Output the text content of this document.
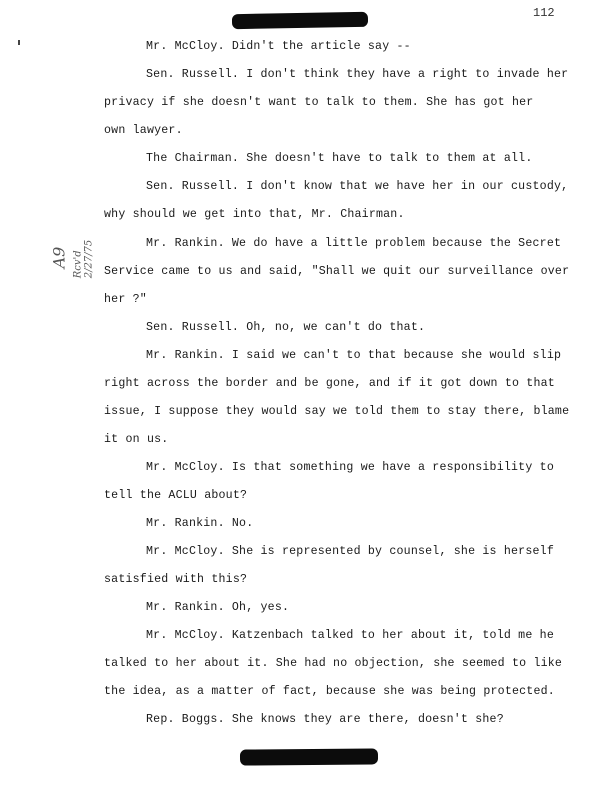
112
A9 Rcv'd 2/27/75
Mr. McCloy. Didn't the article say --
Sen. Russell. I don't think they have a right to invade her
privacy if she doesn't want to talk to them. She has got her
own lawyer.
The Chairman. She doesn't have to talk to them at all.
Sen. Russell. I don't know that we have her in our custody,
why should we get into that, Mr. Chairman.
Mr. Rankin. We do have a little problem because the Secret
Service came to us and said, "Shall we quit our surveillance over
her ?"
Sen. Russell. Oh, no, we can't do that.
Mr. Rankin. I said we can't to that because she would slip
right across the border and be gone, and if it got down to that
issue, I suppose they would say we told them to stay there, blame
it on us.
Mr. McCloy. Is that something we have a responsibility to
tell the ACLU about?
Mr. Rankin. No.
Mr. McCloy. She is represented by counsel, she is herself
satisfied with this?
Mr. Rankin. Oh, yes.
Mr. McCloy. Katzenbach talked to her about it, told me he
talked to her about it. She had no objection, she seemed to like
the idea, as a matter of fact, because she was being protected.
Rep. Boggs. She knows they are there, doesn't she?
